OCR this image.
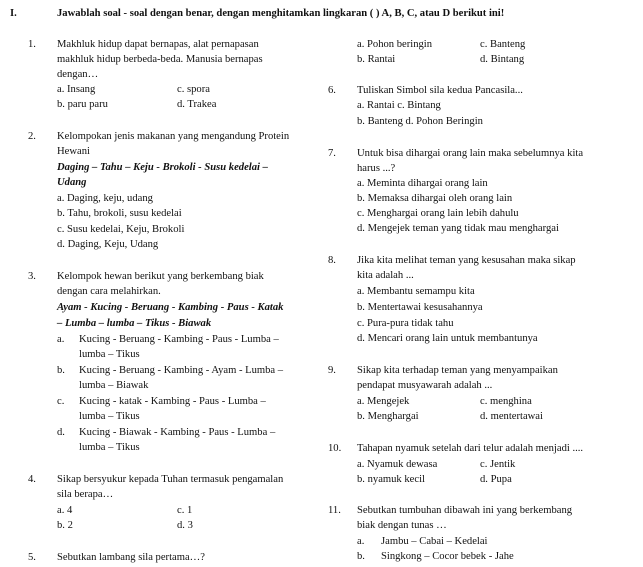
I.	Jawablah soal - soal dengan benar, dengan menghitamkan lingkaran ( ) A, B, C, atau D berikut ini!
1. Makhluk hidup dapat bernapas, alat pernapasan
makhluk hidup berbeda-beda. Manusia bernapas
dengan…
a. Insang	c. spora
b. paru paru	d. Trakea
2. Kelompokan jenis makanan yang mengandung Protein
Hewani
Daging – Tahu – Keju - Brokoli - Susu kedelai –
Udang
a. Daging, keju, udang
b. Tahu, brokoli, susu kedelai
c. Susu kedelai, Keju, Brokoli
d. Daging, Keju, Udang
3. Kelompok hewan berikut yang berkembang biak
dengan cara melahirkan.
Ayam - Kucing - Beruang - Kambing - Paus - Katak
– Lumba – lumba – Tikus - Biawak
a. Kucing - Beruang - Kambing - Paus - Lumba –
lumba – Tikus
b. Kucing - Beruang - Kambing - Ayam - Lumba –
lumba – Biawak
c. Kucing - katak - Kambing - Paus - Lumba –
lumba – Tikus
d. Kucing - Biawak - Kambing - Paus - Lumba –
lumba – Tikus
4. Sikap bersyukur kepada Tuhan termasuk pengamalan
sila berapa…
a. 4	c. 1
b. 2	d. 3
5. Sebutkan lambang sila pertama…?
a. Pohon beringin	c. Banteng
b. Rantai	d. Bintang
6. Tuliskan Simbol sila kedua Pancasila...
a. Rantai c. Bintang
b. Banteng d. Pohon Beringin
7. Untuk bisa dihargai orang lain maka sebelumnya kita
harus ...?
a. Meminta dihargai orang lain
b. Memaksa dihargai oleh orang lain
c. Menghargai orang lain lebih dahulu
d. Mengejek teman yang tidak mau menghargai
8. Jika kita melihat teman yang kesusahan maka sikap
kita adalah ...
a. Membantu semampu kita
b. Mentertawai kesusahannya
c. Pura-pura tidak tahu
d. Mencari orang lain untuk membantunya
9. Sikap kita terhadap teman yang menyampaikan
pendapat musyawarah adalah ...
a. Mengejek	c. menghina
b. Menghargai	d. mentertawai
10. Tahapan nyamuk setelah dari telur adalah menjadi ....
a. Nyamuk dewasa	c. Jentik
b. nyamuk kecil	d. Pupa
11. Sebutkan tumbuhan dibawah ini yang berkembang
biak dengan tunas …
a. Jambu – Cabai – Kedelai
b. Singkong – Cocor bebek - Jahe
